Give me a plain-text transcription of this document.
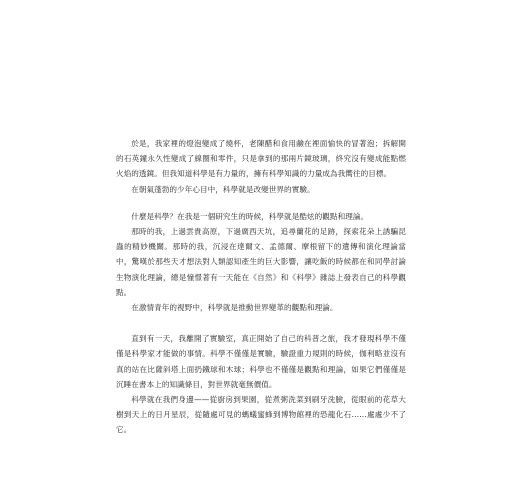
於是，我家裡的燈泡變成了燒杯，老陳醋和食用鹼在裡面愉快的冒著泡；拆解開的石英鐘永久性變成了線圈和零件，只是拿到的那兩片鏡玻璃，終究沒有變成能點燃火焰的透鏡。但我知道科學是有力量的，擁有科學知識的力量成為我嚮往的目標。

在朝氣蓬勃的少年心目中，科學就是改變世界的實驗。

什麼是科學？在我是一個研究生的時候，科學就是酷炫的觀點和理論。

那時的我，上過雲貴高原，下過廣西天坑，追尋蘭花的足跡，探索花朵上誘騙昆蟲的精妙機關。那時的我，沉浸在達爾文、孟德爾、摩根留下的遺傳和演化理論當中，驚嘆於那些天才想法對人類認知產生的巨大影響，讓吃飯的時候都在和同學討論生物演化理論，總是憧憬著有一天能在《自然》和《科學》雜誌上發表自己的科學觀點。

在激情青年的視野中，科學就是推動世界變革的觀點和理論。

直到有一天，我離開了實驗室，真正開始了自己的科普之旅，我才發現科學不僅僅是科學家才能做的事情。科學不僅僅是實驗，驗證重力規則的時候，伽利略並沒有真的站在比薩斜塔上面扔鐵球和木球；科學也不僅僅是觀點和理論，如果它們僅僅是沉睡在書本上的知識條目，對世界就毫無價值。

科學就在我們身邊——從廚房到果園，從煮粥洗菜到刷牙洗臉，從眼前的花草大樹到天上的日月星辰，從隨處可見的螞蟻蜜蜂到博物館裡的恐龍化石……處處少不了它。
